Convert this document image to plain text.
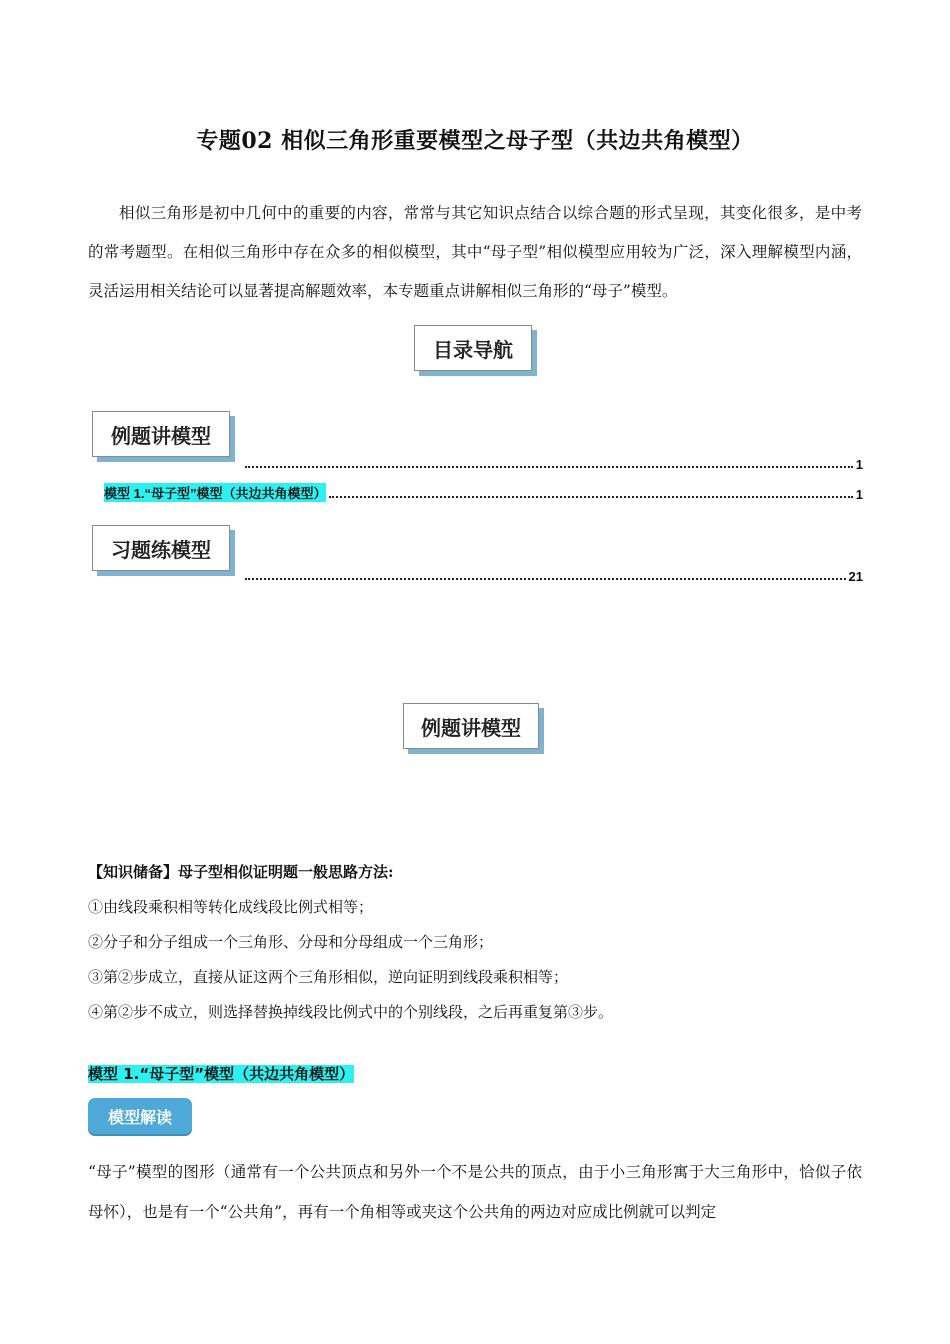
专题02 相似三角形重要模型之母子型（共边共角模型）

相似三角形是初中几何中的重要的内容，常常与其它知识点结合以综合题的形式呈现，其变化很多，是中考的常考题型。在相似三角形中存在众多的相似模型，其中“母子型”相似模型应用较为广泛，深入理解模型内涵，灵活运用相关结论可以显著提高解题效率，本专题重点讲解相似三角形的“母子”模型。

目录导航
例题讲模型
1
模型 1.“母子型”模型（共边共角模型）	1
习题练模型
21
例题讲模型
【知识储备】母子型相似证明题一般思路方法:
①由线段乘积相等转化成线段比例式相等；
②分子和分子组成一个三角形、分母和分母组成一个三角形；
③第②步成立，直接从证这两个三角形相似，逆向证明到线段乘积相等；
④第②步不成立，则选择替换掉线段比例式中的个别线段，之后再重复第③步。
模型 1.“母子型”模型（共边共角模型）
模型解读

“母子”模型的图形（通常有一个公共顶点和另外一个不是公共的顶点，由于小三角形寓于大三角形中，恰似子依母怀），也是有一个“公共角”，再有一个角相等或夹这个公共角的两边对应成比例就可以判定
